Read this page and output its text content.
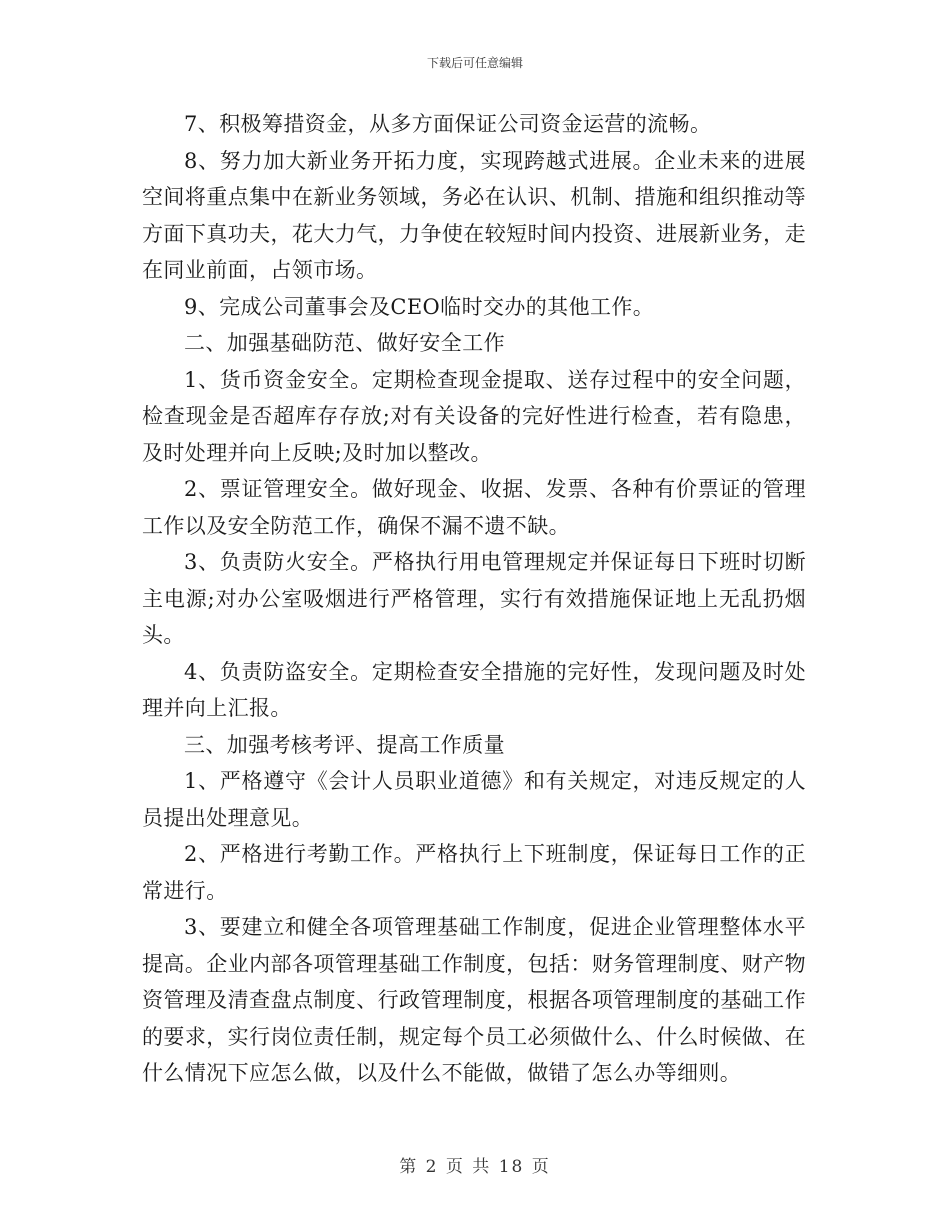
下载后可任意编辑

7、积极筹措资金，从多方面保证公司资金运营的流畅。

8、努力加大新业务开拓力度，实现跨越式进展。企业未来的进展空间将重点集中在新业务领域，务必在认识、机制、措施和组织推动等方面下真功夫，花大力气，力争使在较短时间内投资、进展新业务，走在同业前面，占领市场。

9、完成公司董事会及CEO临时交办的其他工作。

二、加强基础防范、做好安全工作

1、货币资金安全。定期检查现金提取、送存过程中的安全问题，检查现金是否超库存存放;对有关设备的完好性进行检查，若有隐患，及时处理并向上反映;及时加以整改。

2、票证管理安全。做好现金、收据、发票、各种有价票证的管理工作以及安全防范工作，确保不漏不遗不缺。

3、负责防火安全。严格执行用电管理规定并保证每日下班时切断主电源;对办公室吸烟进行严格管理，实行有效措施保证地上无乱扔烟头。

4、负责防盗安全。定期检查安全措施的完好性，发现问题及时处理并向上汇报。

三、加强考核考评、提高工作质量

1、严格遵守《会计人员职业道德》和有关规定，对违反规定的人员提出处理意见。

2、严格进行考勤工作。严格执行上下班制度，保证每日工作的正常进行。

3、要建立和健全各项管理基础工作制度，促进企业管理整体水平提高。企业内部各项管理基础工作制度，包括：财务管理制度、财产物资管理及清查盘点制度、行政管理制度，根据各项管理制度的基础工作的要求，实行岗位责任制，规定每个员工必须做什么、什么时候做、在什么情况下应怎么做，以及什么不能做，做错了怎么办等细则。

第 2 页 共 18 页
